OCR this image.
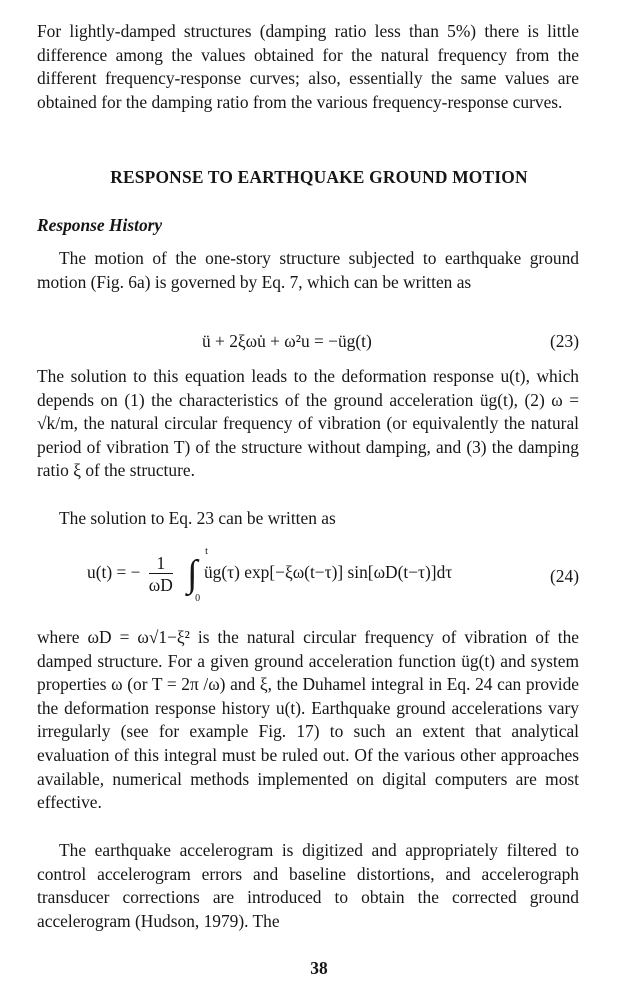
For lightly-damped structures (damping ratio less than 5%) there is little difference among the values obtained for the natural frequency from the different frequency-response curves; also, essentially the same values are obtained for the damping ratio from the various frequency-response curves.

RESPONSE TO EARTHQUAKE GROUND MOTION
Response History

The motion of the one-story structure subjected to earthquake ground motion (Fig. 6a) is governed by Eq. 7, which can be written as

ü + 2ξωu̇ + ω²u = −üg(t)	(23)

The solution to this equation leads to the deformation response u(t), which depends on (1) the characteristics of the ground acceleration üg(t), (2) ω = √k/m, the natural circular frequency of vibration (or equivalently the natural period of vibration T) of the structure without damping, and (3) the damping ratio ξ of the structure.

The solution to Eq. 23 can be written as

u(t) = − $\frac{1}{\omega D}$ ∫
t
0
üg(τ) exp[−ξω(t−τ)] sin[ωD(t−τ)]dτ	(24)

where ωD = ω√1−ξ² is the natural circular frequency of vibration of the damped structure. For a given ground acceleration function üg(t) and system properties ω (or T = 2π /ω) and ξ, the Duhamel integral in Eq. 24 can provide the deformation response history u(t). Earthquake ground accelerations vary irregularly (see for example Fig. 17) to such an extent that analytical evaluation of this integral must be ruled out. Of the various other approaches available, numerical methods implemented on digital computers are most effective.

The earthquake accelerogram is digitized and appropriately filtered to control accelerogram errors and baseline distortions, and accelerograph transducer corrections are introduced to obtain the corrected ground accelerogram (Hudson, 1979). The

38
